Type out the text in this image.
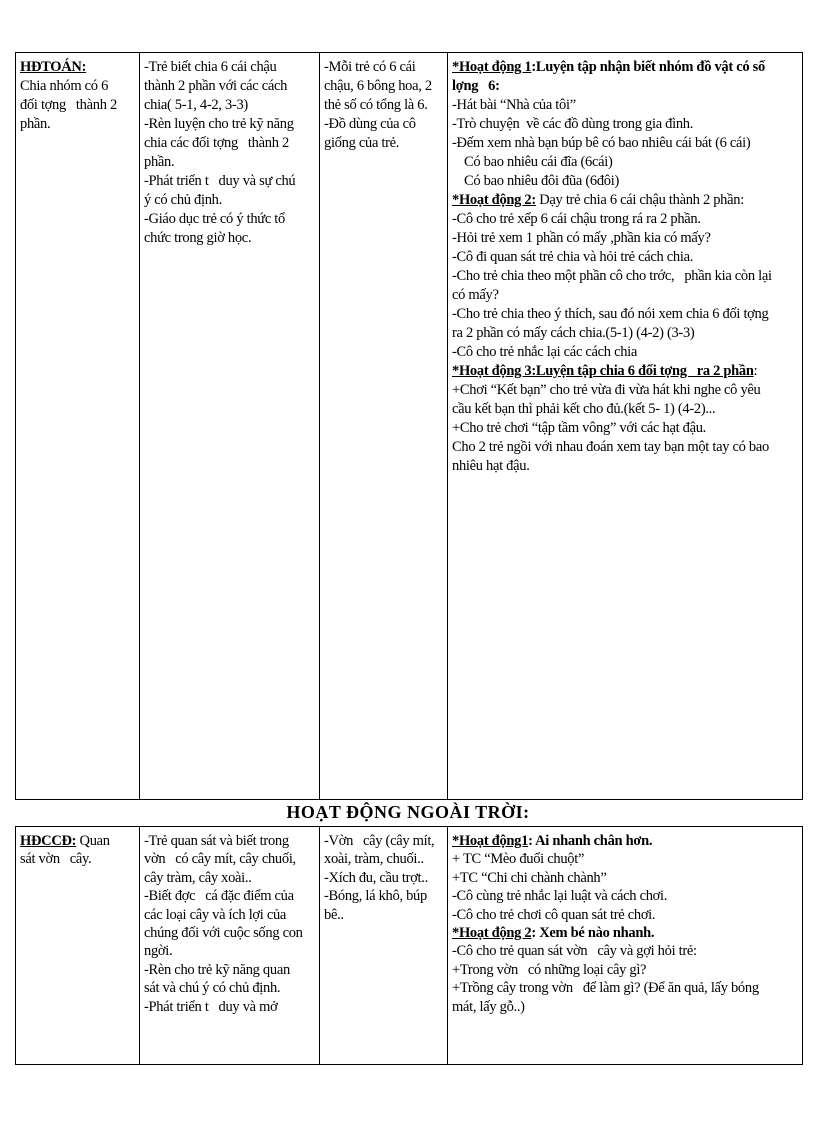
HĐTOÁN:
Chia nhóm có 6
đối tợng   thành 2
phần.

-Trẻ biết chia 6 cái chậu
thành 2 phần với các cách
chia( 5-1, 4-2, 3-3)
-Rèn luyện cho trẻ kỹ năng
chia các đối tợng   thành 2
phần.
-Phát triển t   duy và sự chú
ý có chủ định.
-Giáo dục trẻ có ý thức tổ
chức trong giờ học.

-Mỗi trẻ có 6 cái
chậu, 6 bông hoa, 2
thẻ số có tổng là 6.
-Đồ dùng của cô
giống của trẻ.

*Hoạt động 1:Luyện tập nhận biết nhóm đồ vật có số
lợng   6:
-Hát bài “Nhà của tôi”
-Trò chuyện  về các đồ dùng trong gia đình.
-Đếm xem nhà bạn búp bê có bao nhiêu cái bát (6 cái)
Có bao nhiêu cái đĩa (6cái)
Có bao nhiêu đôi đũa (6đôi)
*Hoạt động 2: Dạy trẻ chia 6 cái chậu thành 2 phần:
-Cô cho trẻ xếp 6 cái chậu trong rá ra 2 phần.
-Hỏi trẻ xem 1 phần có mấy ,phần kia có mấy?
-Cô đi quan sát trẻ chia và hỏi trẻ cách chia.
-Cho trẻ chia theo một phần cô cho trớc,   phần kia còn lại
có mấy?
-Cho trẻ chia theo ý thích, sau đó nói xem chia 6 đối tợng
ra 2 phần có mấy cách chia.(5-1) (4-2) (3-3)
-Cô cho trẻ nhắc lại các cách chia
*Hoạt động 3:Luyện tập chia 6 đối tợng   ra 2 phần:
+Chơi “Kết bạn” cho trẻ vừa đi vừa hát khi nghe cô yêu
cầu kết bạn thì phải kết cho đủ.(kết 5- 1) (4-2)...
+Cho trẻ chơi “tập tầm vông” với các hạt đậu.
Cho 2 trẻ ngồi với nhau đoán xem tay bạn một tay có bao
nhiêu hạt đậu.
HOẠT ĐỘNG NGOÀI TRỜI:
HĐCCĐ: Quan
sát vờn   cây.

-Trẻ quan sát và biết trong
vờn   có cây mít, cây chuối,
cây tràm, cây xoài..
-Biết đợc   cá đặc điểm của
các loại cây và ích lợi của
chúng đối với cuộc sống con
ngời.
-Rèn cho trẻ kỹ năng quan
sát và chú ý có chủ định.
-Phát triển t   duy và mở

-Vờn   cây (cây mít,
xoài, tràm, chuối..
-Xích đu, cầu trợt..
-Bóng, lá khô, búp
bê..

*Hoạt động1: Ai nhanh chân hơn.
+ TC “Mèo đuổi chuột”
+TC “Chi chi chành chành”
-Cô cùng trẻ nhắc lại luật và cách chơi.
-Cô cho trẻ chơi cô quan sát trẻ chơi.
*Hoạt động 2: Xem bé nào nhanh.
-Cô cho trẻ quan sát vờn   cây và gợi hỏi trẻ:
+Trong vờn   có những loại cây gì?
+Trồng cây trong vờn   để làm gì? (Để ăn quả, lấy bóng
mát, lấy gỗ..)
